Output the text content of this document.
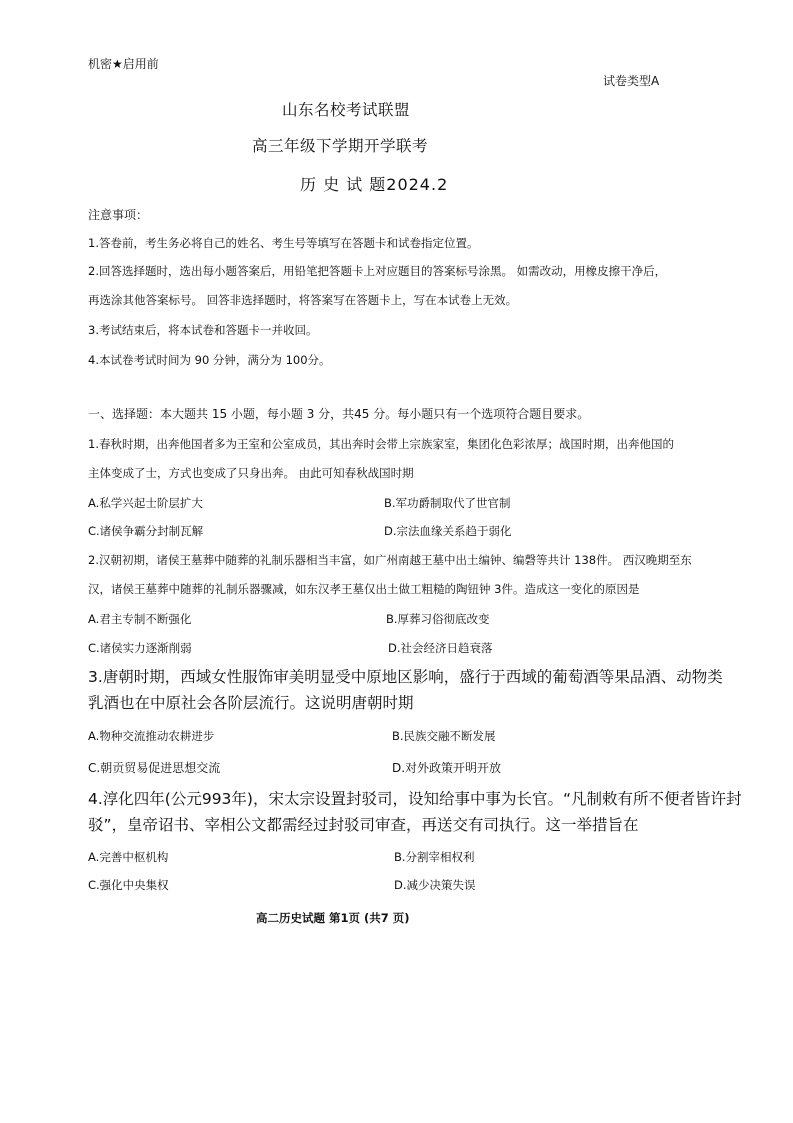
机密★启用前
试卷类型A
山东名校考试联盟
高三年级下学期开学联考
历 史 试 题2024.2
注意事项：
1.答卷前，考生务必将自己的姓名、考生号等填写在答题卡和试卷指定位置。
2.回答选择题时，选出每小题答案后，用铅笔把答题卡上对应题目的答案标号涂黑。 如需改动，用橡皮擦干净后，
再选涂其他答案标号。 回答非选择题时，将答案写在答题卡上，写在本试卷上无效。
3.考试结束后，将本试卷和答题卡一并收回。
4.本试卷考试时间为 90 分钟，满分为 100分。
一、选择题：本大题共 15 小题，每小题 3 分，共45 分。每小题只有一个选项符合题目要求。
1.春秋时期，出奔他国者多为王室和公室成员，其出奔时会带上宗族家室，集团化色彩浓厚；战国时期，出奔他国的
主体变成了士，方式也变成了只身出奔。 由此可知春秋战国时期
A.私学兴起士阶层扩大	B.军功爵制取代了世官制
C.诸侯争霸分封制瓦解	D.宗法血缘关系趋于弱化
2.汉朝初期，诸侯王墓葬中随葬的礼制乐器相当丰富，如广州南越王墓中出土编钟、编磬等共计 138件。 西汉晚期至东
汉，诸侯王墓葬中随葬的礼制乐器骤减，如东汉孝王墓仅出土做工粗糙的陶钮钟 3件。造成这一变化的原因是
A.君主专制不断强化	B.厚葬习俗彻底改变
C.诸侯实力逐渐削弱	D.社会经济日趋衰落
3.唐朝时期，西域女性服饰审美明显受中原地区影响，盛行于西域的葡萄酒等果品酒、动物类
乳酒也在中原社会各阶层流行。这说明唐朝时期
A.物种交流推动农耕进步	B.民族交融不断发展
C.朝贡贸易促进思想交流	D.对外政策开明开放
4.淳化四年(公元993年)，宋太宗设置封驳司，设知给事中事为长官。“凡制敕有所不便者皆许封
驳”，皇帝诏书、宰相公文都需经过封驳司审查，再送交有司执行。这一举措旨在
A.完善中枢机构	B.分割宰相权利
C.强化中央集权	D.减少决策失误
高二历史试题 第1页 (共7 页)
